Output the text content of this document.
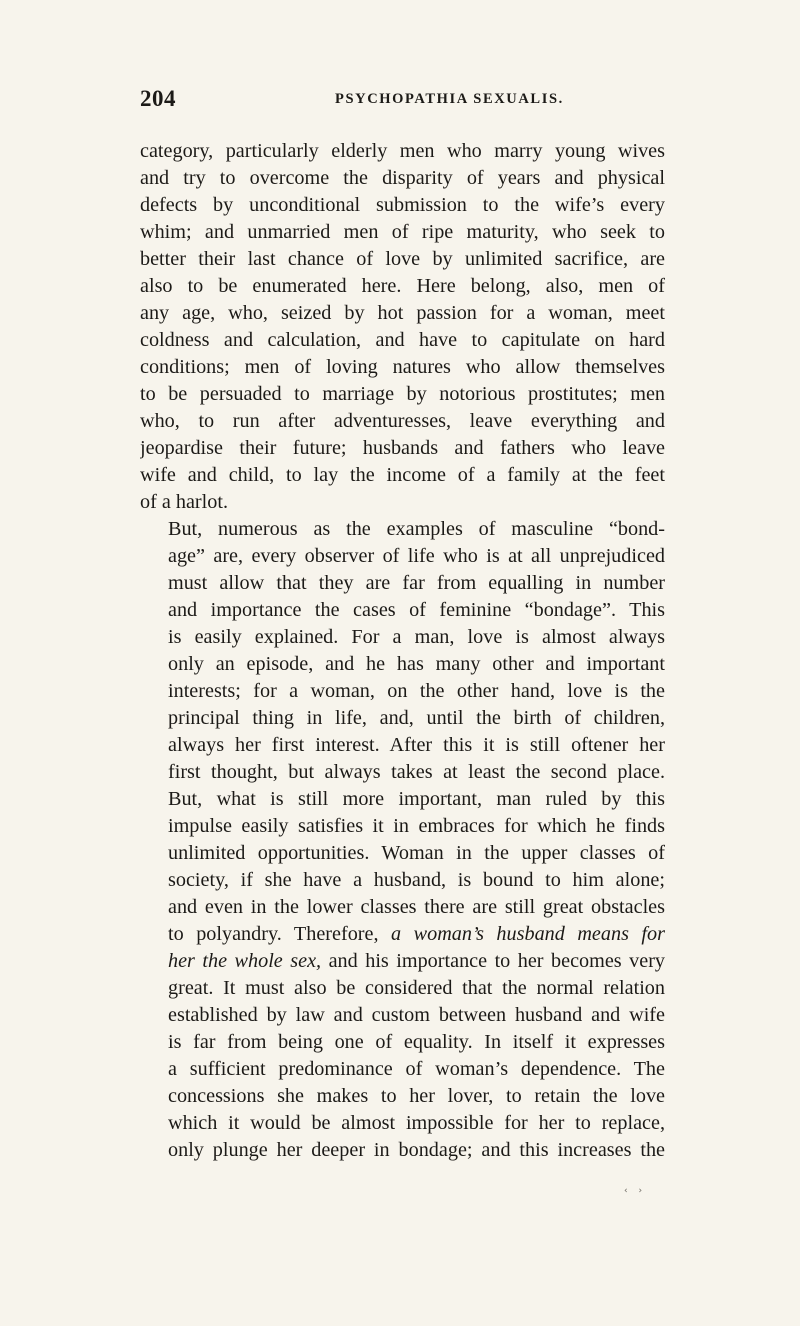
204	PSYCHOPATHIA SEXUALIS.

category, particularly elderly men who marry young wives
and try to overcome the disparity of years and physical
defects by unconditional submission to the wife’s every
whim; and unmarried men of ripe maturity, who seek to
better their last chance of love by unlimited sacrifice, are
also to be enumerated here. Here belong, also, men of
any age, who, seized by hot passion for a woman, meet
coldness and calculation, and have to capitulate on hard
conditions; men of loving natures who allow themselves
to be persuaded to marriage by notorious prostitutes; men
who, to run after adventuresses, leave everything and
jeopardise their future; husbands and fathers who leave
wife and child, to lay the income of a family at the feet
of a harlot.

But, numerous as the examples of masculine “bond-
age” are, every observer of life who is at all unprejudiced
must allow that they are far from equalling in number
and importance the cases of feminine “bondage”. This
is easily explained. For a man, love is almost always
only an episode, and he has many other and important
interests; for a woman, on the other hand, love is the
principal thing in life, and, until the birth of children,
always her first interest. After this it is still oftener her
first thought, but always takes at least the second place.
But, what is still more important, man ruled by this
impulse easily satisfies it in embraces for which he finds
unlimited opportunities. Woman in the upper classes of
society, if she have a husband, is bound to him alone;
and even in the lower classes there are still great obstacles
to polyandry. Therefore, a woman’s husband means for
her the whole sex, and his importance to her becomes very
great. It must also be considered that the normal relation
established by law and custom between husband and wife
is far from being one of equality. In itself it expresses
a sufficient predominance of woman’s dependence. The
concessions she makes to her lover, to retain the love
which it would be almost impossible for her to replace,
only plunge her deeper in bondage; and this increases the

‹ ›
